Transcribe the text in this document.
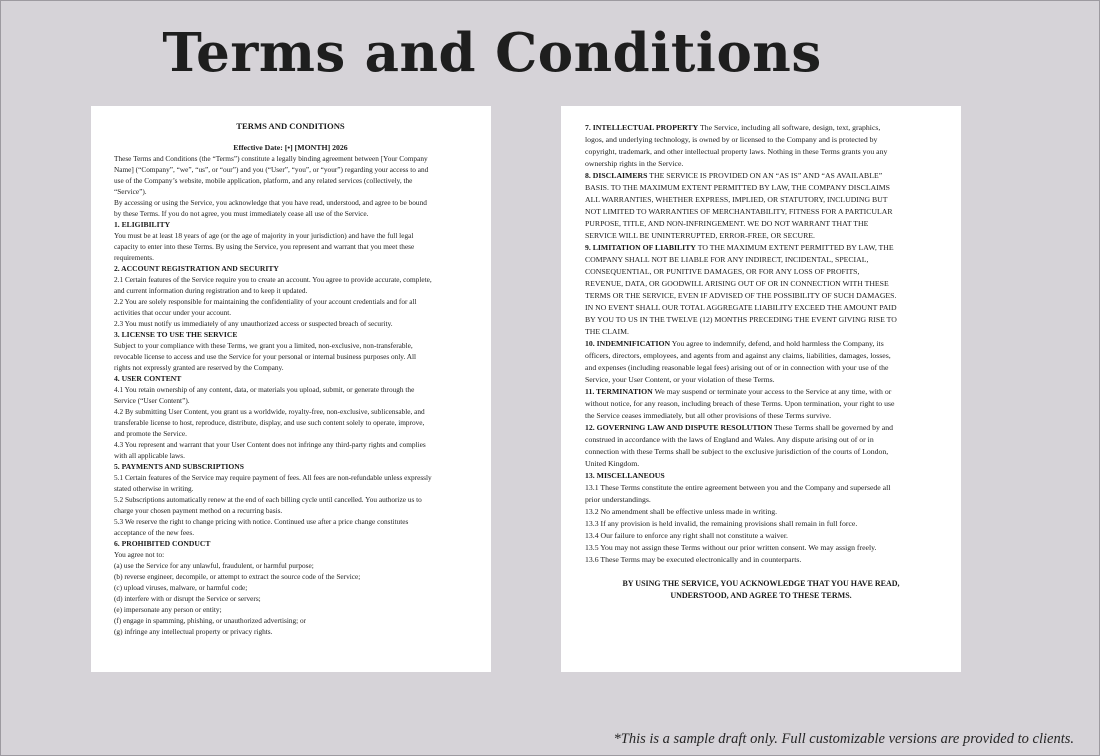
Terms and Conditions

TERMS AND CONDITIONS

Effective Date: [•] [MONTH] 2026

These Terms and Conditions (the “Terms”) constitute a legally binding agreement between [Your Company
Name] (“Company”, “we”, “us”, or “our”) and you (“User”, “you”, or “your”) regarding your access to and
use of the Company’s website, mobile application, platform, and any related services (collectively, the
“Service”).
By accessing or using the Service, you acknowledge that you have read, understood, and agree to be bound
by these Terms. If you do not agree, you must immediately cease all use of the Service.
1. ELIGIBILITY
You must be at least 18 years of age (or the age of majority in your jurisdiction) and have the full legal
capacity to enter into these Terms. By using the Service, you represent and warrant that you meet these
requirements.
2. ACCOUNT REGISTRATION AND SECURITY
2.1 Certain features of the Service require you to create an account. You agree to provide accurate, complete,
and current information during registration and to keep it updated.
2.2 You are solely responsible for maintaining the confidentiality of your account credentials and for all
activities that occur under your account.
2.3 You must notify us immediately of any unauthorized access or suspected breach of security.
3. LICENSE TO USE THE SERVICE
Subject to your compliance with these Terms, we grant you a limited, non-exclusive, non-transferable,
revocable license to access and use the Service for your personal or internal business purposes only. All
rights not expressly granted are reserved by the Company.
4. USER CONTENT
4.1 You retain ownership of any content, data, or materials you upload, submit, or generate through the
Service (“User Content”).
4.2 By submitting User Content, you grant us a worldwide, royalty-free, non-exclusive, sublicensable, and
transferable license to host, reproduce, distribute, display, and use such content solely to operate, improve,
and promote the Service.
4.3 You represent and warrant that your User Content does not infringe any third-party rights and complies
with all applicable laws.
5. PAYMENTS AND SUBSCRIPTIONS
5.1 Certain features of the Service may require payment of fees. All fees are non-refundable unless expressly
stated otherwise in writing.
5.2 Subscriptions automatically renew at the end of each billing cycle until cancelled. You authorize us to
charge your chosen payment method on a recurring basis.
5.3 We reserve the right to change pricing with notice. Continued use after a price change constitutes
acceptance of the new fees.
6. PROHIBITED CONDUCT
You agree not to:
(a) use the Service for any unlawful, fraudulent, or harmful purpose;
(b) reverse engineer, decompile, or attempt to extract the source code of the Service;
(c) upload viruses, malware, or harmful code;
(d) interfere with or disrupt the Service or servers;
(e) impersonate any person or entity;
(f) engage in spamming, phishing, or unauthorized advertising; or
(g) infringe any intellectual property or privacy rights.
7. INTELLECTUAL PROPERTY The Service, including all software, design, text, graphics,
logos, and underlying technology, is owned by or licensed to the Company and is protected by
copyright, trademark, and other intellectual property laws. Nothing in these Terms grants you any
ownership rights in the Service.
8. DISCLAIMERS THE SERVICE IS PROVIDED ON AN “AS IS” AND “AS AVAILABLE”
BASIS. TO THE MAXIMUM EXTENT PERMITTED BY LAW, THE COMPANY DISCLAIMS
ALL WARRANTIES, WHETHER EXPRESS, IMPLIED, OR STATUTORY, INCLUDING BUT
NOT LIMITED TO WARRANTIES OF MERCHANTABILITY, FITNESS FOR A PARTICULAR
PURPOSE, TITLE, AND NON-INFRINGEMENT. WE DO NOT WARRANT THAT THE
SERVICE WILL BE UNINTERRUPTED, ERROR-FREE, OR SECURE.
9. LIMITATION OF LIABILITY TO THE MAXIMUM EXTENT PERMITTED BY LAW, THE
COMPANY SHALL NOT BE LIABLE FOR ANY INDIRECT, INCIDENTAL, SPECIAL,
CONSEQUENTIAL, OR PUNITIVE DAMAGES, OR FOR ANY LOSS OF PROFITS,
REVENUE, DATA, OR GOODWILL ARISING OUT OF OR IN CONNECTION WITH THESE
TERMS OR THE SERVICE, EVEN IF ADVISED OF THE POSSIBILITY OF SUCH DAMAGES.
IN NO EVENT SHALL OUR TOTAL AGGREGATE LIABILITY EXCEED THE AMOUNT PAID
BY YOU TO US IN THE TWELVE (12) MONTHS PRECEDING THE EVENT GIVING RISE TO
THE CLAIM.
10. INDEMNIFICATION You agree to indemnify, defend, and hold harmless the Company, its
officers, directors, employees, and agents from and against any claims, liabilities, damages, losses,
and expenses (including reasonable legal fees) arising out of or in connection with your use of the
Service, your User Content, or your violation of these Terms.
11. TERMINATION We may suspend or terminate your access to the Service at any time, with or
without notice, for any reason, including breach of these Terms. Upon termination, your right to use
the Service ceases immediately, but all other provisions of these Terms survive.
12. GOVERNING LAW AND DISPUTE RESOLUTION These Terms shall be governed by and
construed in accordance with the laws of England and Wales. Any dispute arising out of or in
connection with these Terms shall be subject to the exclusive jurisdiction of the courts of London,
United Kingdom.
13. MISCELLANEOUS
13.1 These Terms constitute the entire agreement between you and the Company and supersede all
prior understandings.
13.2 No amendment shall be effective unless made in writing.
13.3 If any provision is held invalid, the remaining provisions shall remain in full force.
13.4 Our failure to enforce any right shall not constitute a waiver.
13.5 You may not assign these Terms without our prior written consent. We may assign freely.
13.6 These Terms may be executed electronically and in counterparts.
BY USING THE SERVICE, YOU ACKNOWLEDGE THAT YOU HAVE READ,
UNDERSTOOD, AND AGREE TO THESE TERMS.
*This is a sample draft only. Full customizable versions are provided to clients.
